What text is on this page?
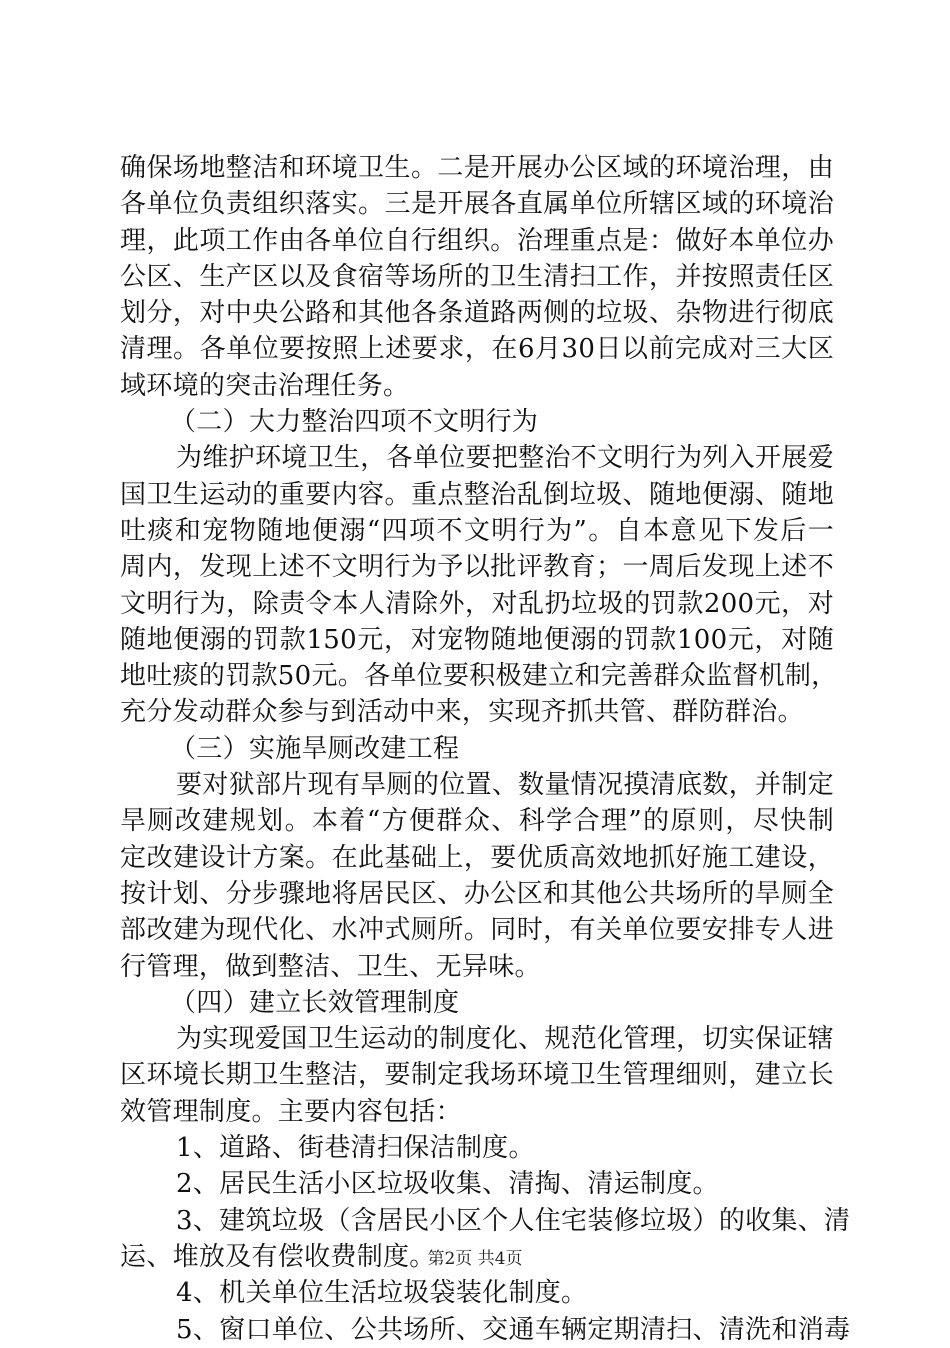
确保场地整洁和环境卫生。二是开展办公区域的环境治理，由
各单位负责组织落实。三是开展各直属单位所辖区域的环境治
理，此项工作由各单位自行组织。治理重点是：做好本单位办
公区、生产区以及食宿等场所的卫生清扫工作，并按照责任区
划分，对中央公路和其他各条道路两侧的垃圾、杂物进行彻底
清理。各单位要按照上述要求，在6月30日以前完成对三大区
域环境的突击治理任务。
（二）大力整治四项不文明行为
为维护环境卫生，各单位要把整治不文明行为列入开展爱
国卫生运动的重要内容。重点整治乱倒垃圾、随地便溺、随地
吐痰和宠物随地便溺“四项不文明行为”。自本意见下发后一
周内，发现上述不文明行为予以批评教育；一周后发现上述不
文明行为，除责令本人清除外，对乱扔垃圾的罚款200元，对
随地便溺的罚款150元，对宠物随地便溺的罚款100元，对随
地吐痰的罚款50元。各单位要积极建立和完善群众监督机制，
充分发动群众参与到活动中来，实现齐抓共管、群防群治。
（三）实施旱厕改建工程
要对狱部片现有旱厕的位置、数量情况摸清底数，并制定
旱厕改建规划。本着“方便群众、科学合理”的原则，尽快制
定改建设计方案。在此基础上，要优质高效地抓好施工建设，
按计划、分步骤地将居民区、办公区和其他公共场所的旱厕全
部改建为现代化、水冲式厕所。同时，有关单位要安排专人进
行管理，做到整洁、卫生、无异味。
（四）建立长效管理制度
为实现爱国卫生运动的制度化、规范化管理，切实保证辖
区环境长期卫生整洁，要制定我场环境卫生管理细则，建立长
效管理制度。主要内容包括：
1、道路、街巷清扫保洁制度。
2、居民生活小区垃圾收集、清掏、清运制度。
3、建筑垃圾（含居民小区个人住宅装修垃圾）的收集、清
运、堆放及有偿收费制度。
4、机关单位生活垃圾袋装化制度。
5、窗口单位、公共场所、交通车辆定期清扫、清洗和消毒
第2页 共4页
